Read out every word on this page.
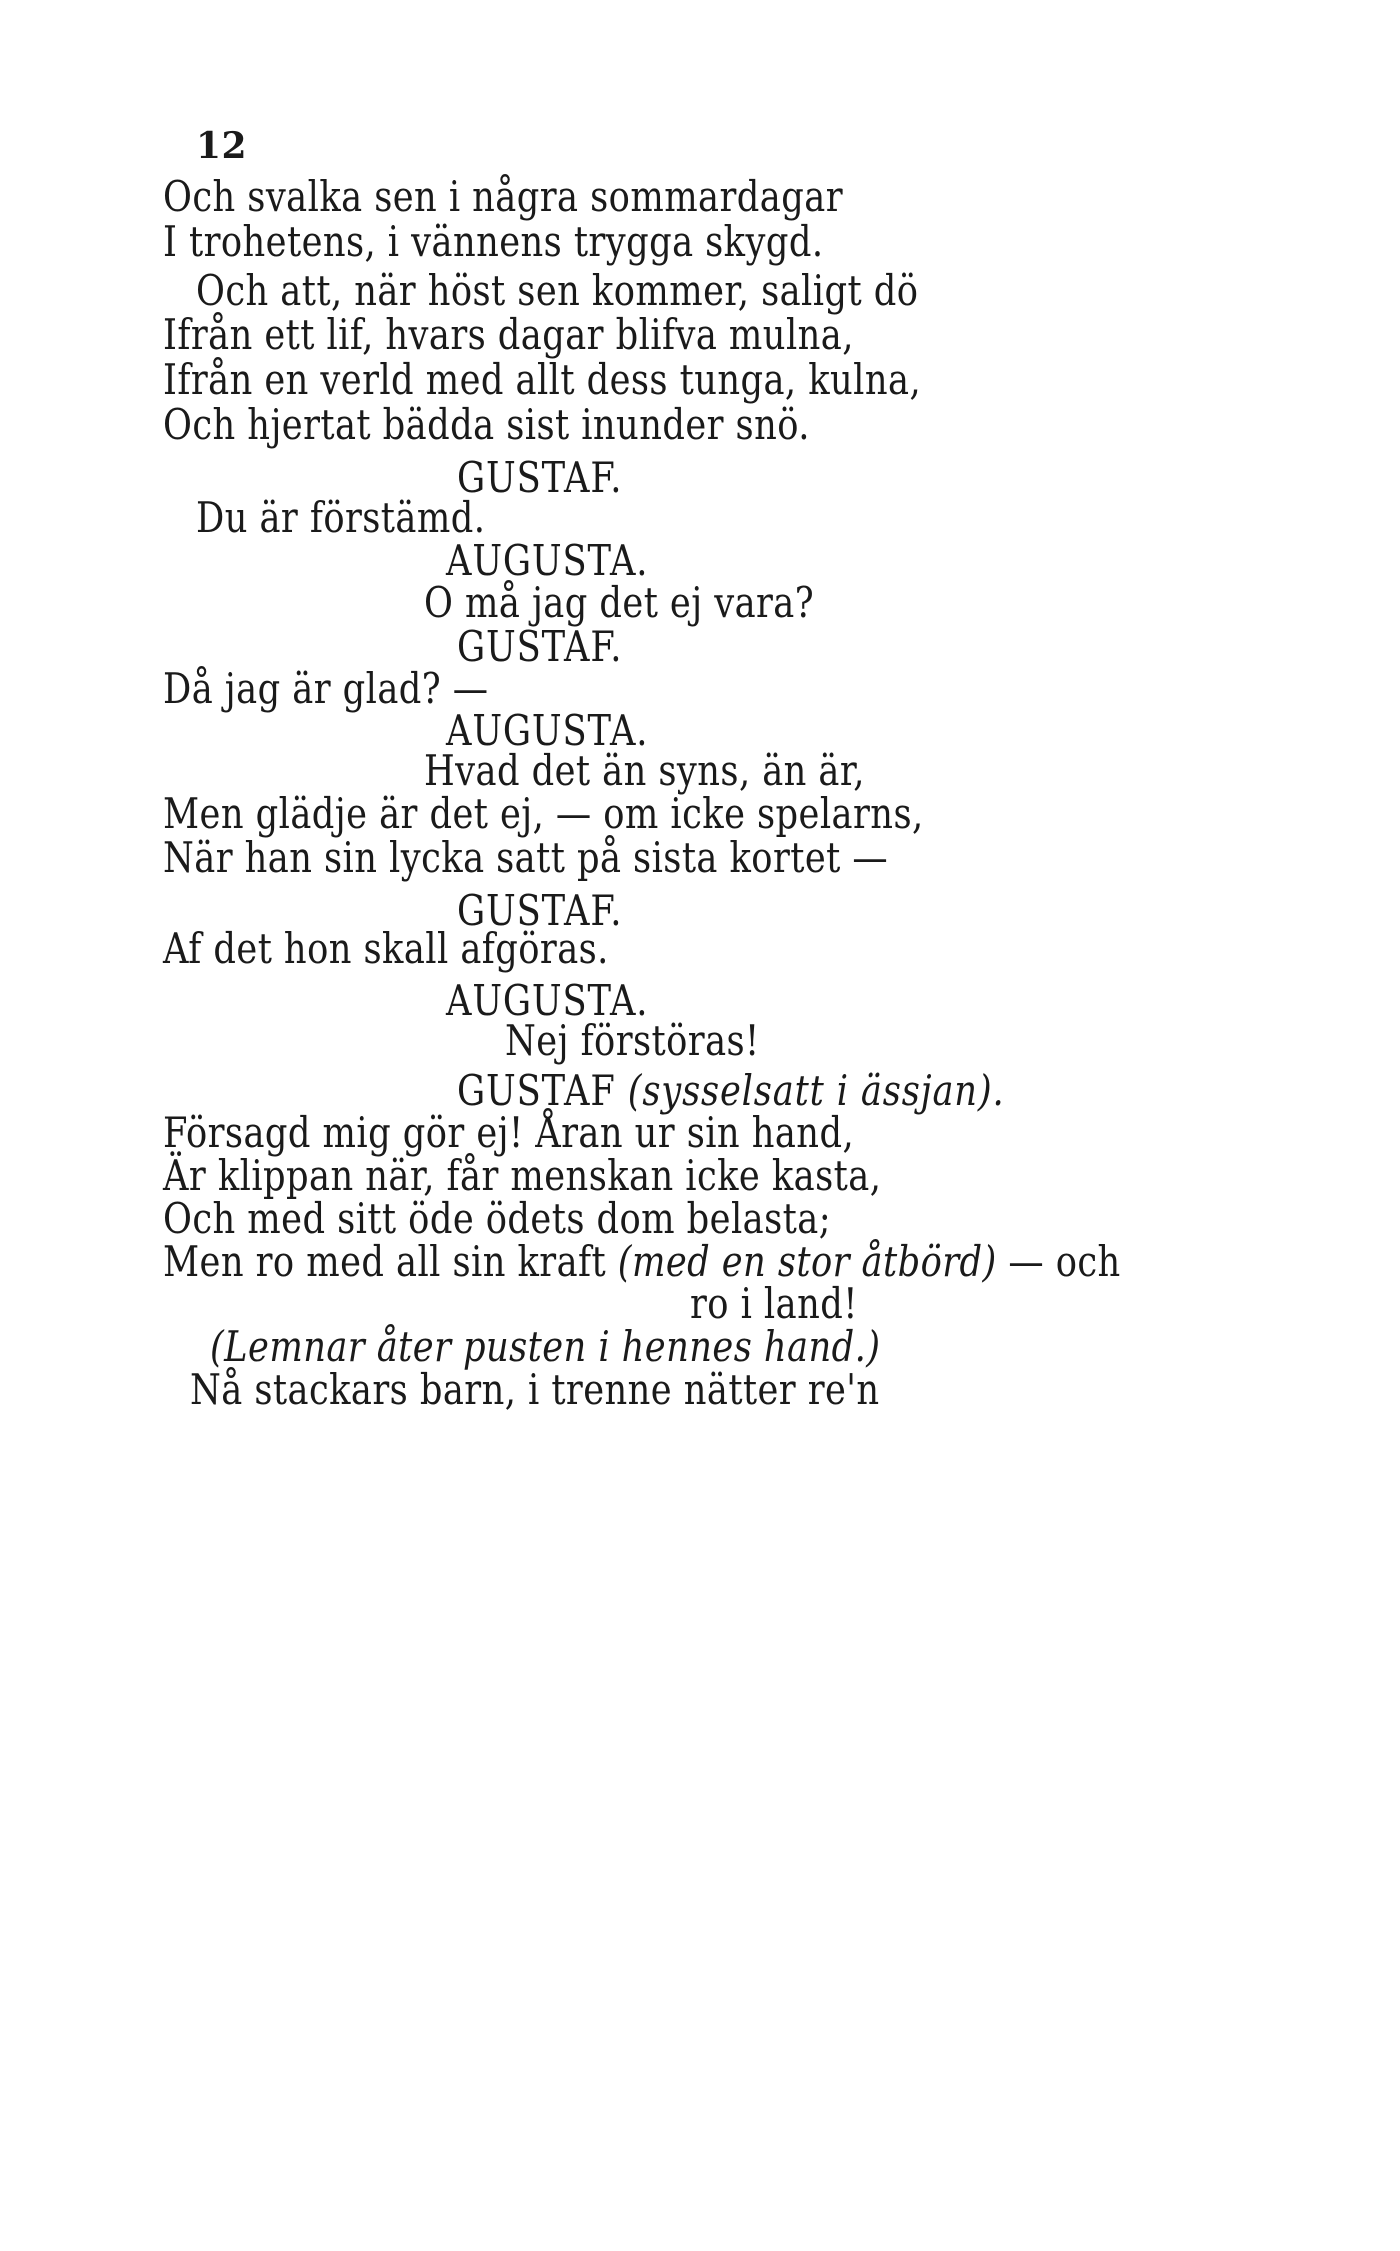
12
Och svalka sen i några sommardagar
I trohetens, i vännens trygga skygd.
Och att, när höst sen kommer, saligt dö
Ifrån ett lif, hvars dagar blifva mulna,
Ifrån en verld med allt dess tunga, kulna,
Och hjertat bädda sist inunder snö.
GUSTAF.
Du är förstämd.
AUGUSTA.
O må jag det ej vara?
GUSTAF.
Då jag är glad? —
AUGUSTA.
Hvad det än syns, än är,
Men glädje är det ej, — om icke spelarns,
När han sin lycka satt på sista kortet —
GUSTAF.
Af det hon skall afgöras.
AUGUSTA.
Nej förstöras!
GUSTAF (sysselsatt i ässjan).
Försagd mig gör ej! Åran ur sin hand,
Är klippan när, får menskan icke kasta,
Och med sitt öde ödets dom belasta;
Men ro med all sin kraft (med en stor åtbörd) — och
ro i land!
(Lemnar åter pusten i hennes hand.)
Nå stackars barn, i trenne nätter re'n
